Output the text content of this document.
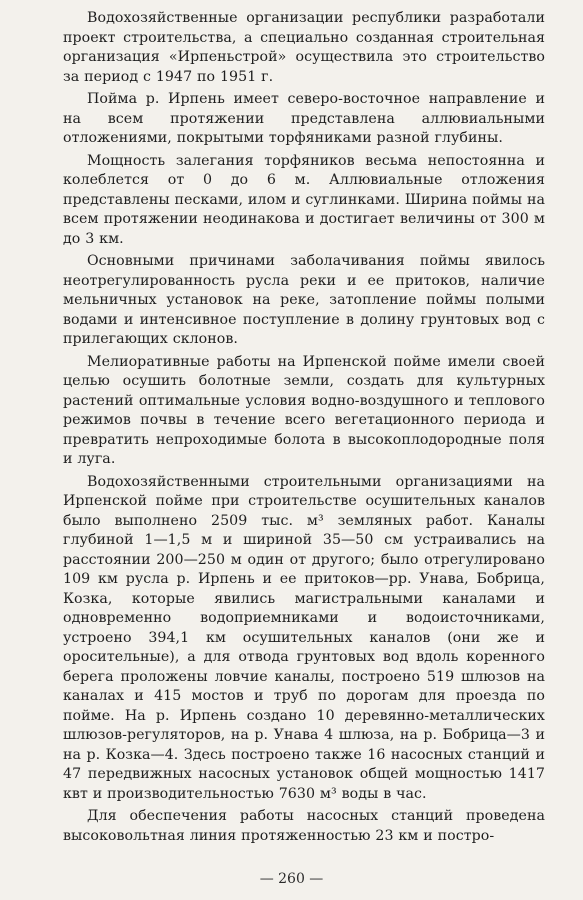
Водохозяйственные организации республики разработали проект строительства, а специально созданная строительная организация «Ирпеньстрой» осуществила это строительство за период с 1947 по 1951 г.

Пойма р. Ирпень имеет северо-восточное направление и на всем протяжении представлена аллювиальными отложениями, покрытыми торфяниками разной глубины.

Мощность залегания торфяников весьма непостоянна и колеблется от 0 до 6 м. Аллювиальные отложения представлены песками, илом и суглинками. Ширина поймы на всем протяжении неодинакова и достигает величины от 300 м до 3 км.

Основными причинами заболачивания поймы явилось неотрегулированность русла реки и ее притоков, наличие мельничных установок на реке, затопление поймы полыми водами и интенсивное поступление в долину грунтовых вод с прилегающих склонов.

Мелиоративные работы на Ирпенской пойме имели своей целью осушить болотные земли, создать для культурных растений оптимальные условия водно-воздушного и теплового режимов почвы в течение всего вегетационного периода и превратить непроходимые болота в высокоплодородные поля и луга.

Водохозяйственными строительными организациями на Ирпенской пойме при строительстве осушительных каналов было выполнено 2509 тыс. м³ земляных работ. Каналы глубиной 1—1,5 м и шириной 35—50 см устраивались на расстоянии 200—250 м один от другого; было отрегулировано 109 км русла р. Ирпень и ее притоков—рр. Унава, Бобрица, Козка, которые явились магистральными каналами и одновременно водоприемниками и водоисточниками, устроено 394,1 км осушительных каналов (они же и оросительные), а для отвода грунтовых вод вдоль коренного берега проложены ловчие каналы, построено 519 шлюзов на каналах и 415 мостов и труб по дорогам для проезда по пойме. На р. Ирпень создано 10 деревянно-металлических шлюзов-регуляторов, на р. Унава 4 шлюза, на р. Бобрица—3 и на р. Козка—4. Здесь построено также 16 насосных станций и 47 передвижных насосных установок общей мощностью 1417 квт и производительностью 7630 м³ воды в час.

Для обеспечения работы насосных станций проведена высоковольтная линия протяженностью 23 км и постро-

— 260 —
